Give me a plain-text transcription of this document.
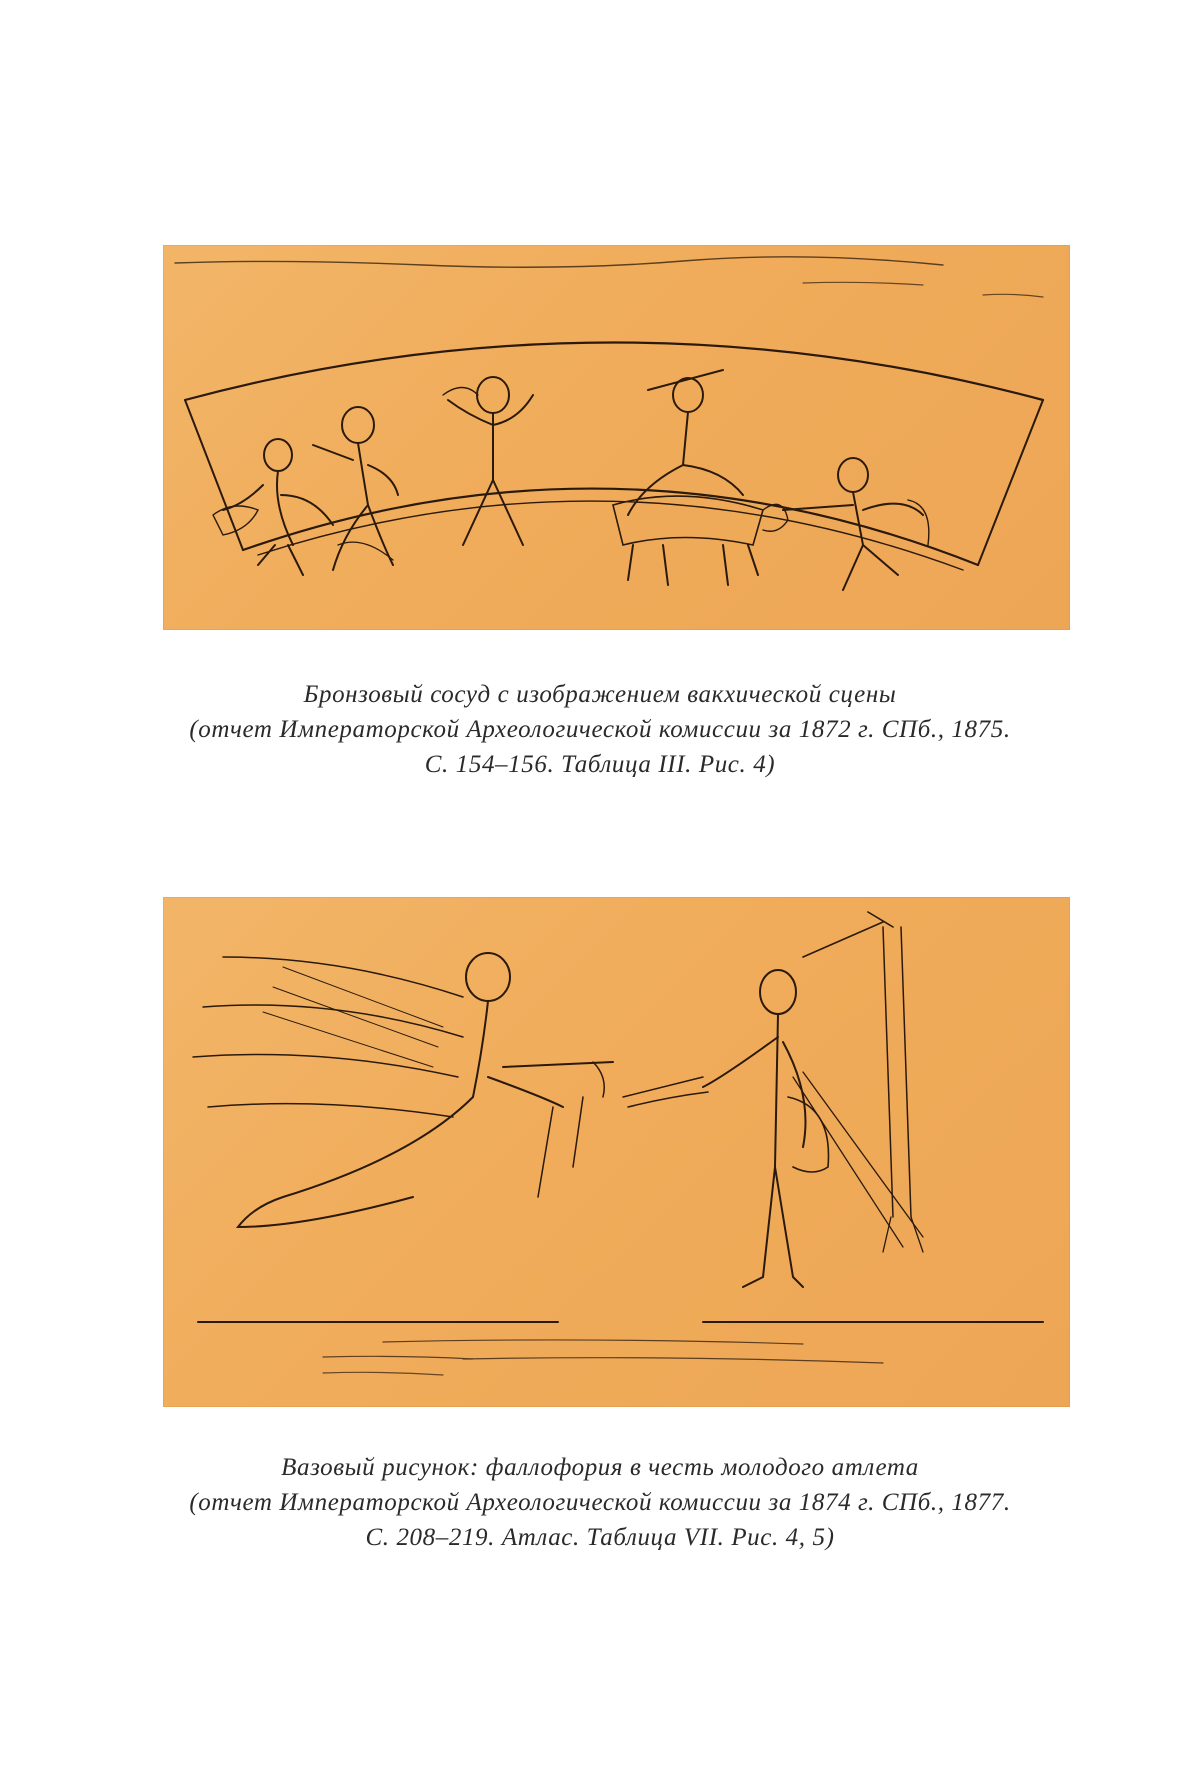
Бронзовый сосуд с изображением вакхической сцены
(отчет Императорской Археологической комиссии за 1872 г. СПб., 1875.
С. 154–156. Таблица III. Рис. 4)
Вазовый рисунок: фаллофория в честь молодого атлета
(отчет Императорской Археологической комиссии за 1874 г. СПб., 1877.
С. 208–219. Атлас. Таблица VII. Рис. 4, 5)
